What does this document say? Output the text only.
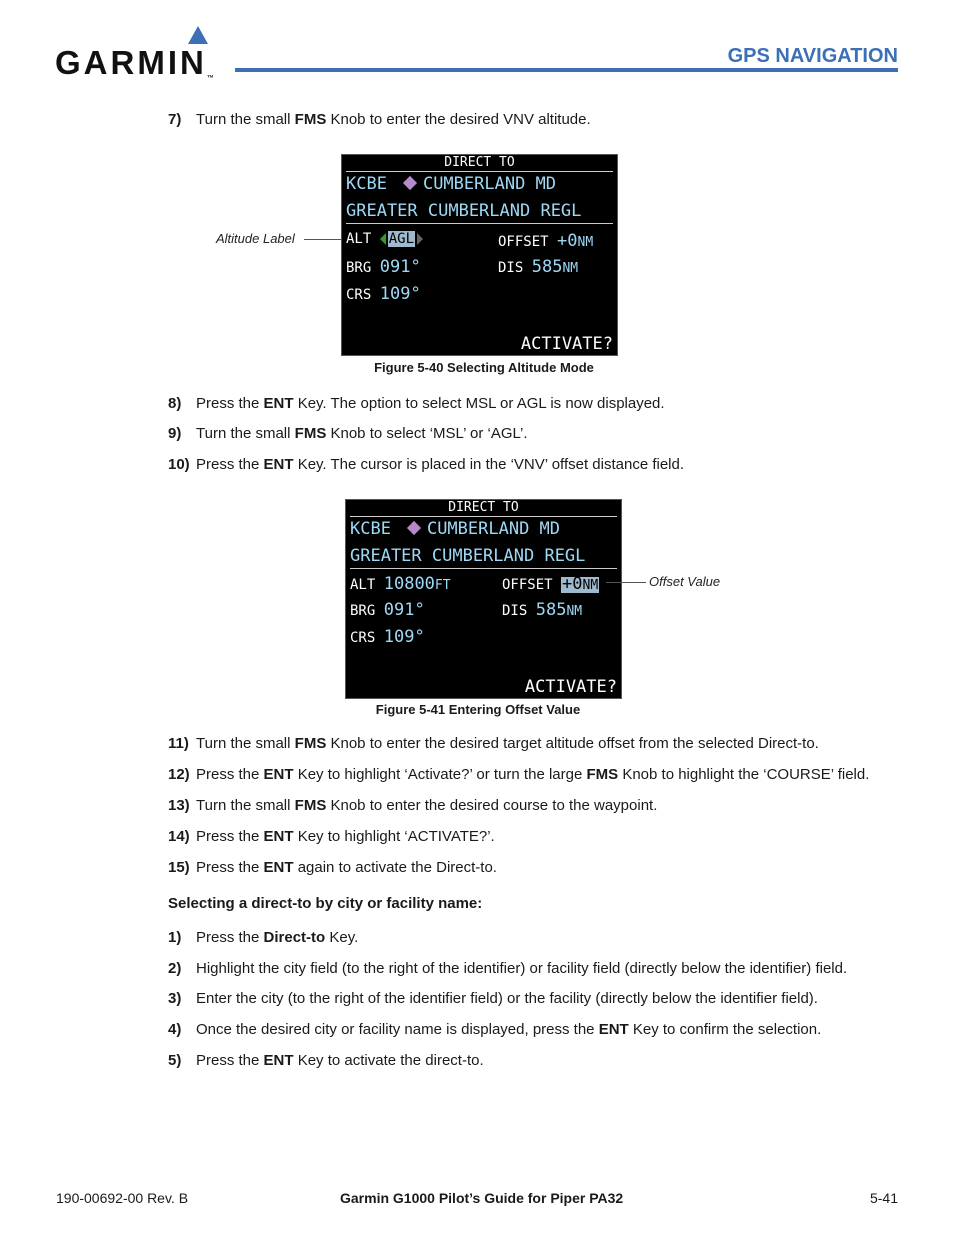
GARMIN™
GPS NAVIGATION
7) Turn the small FMS Knob to enter the desired VNV altitude.
Altitude Label
DIRECT TO
KCBE CUMBERLAND MD
GREATER CUMBERLAND REGL
ALT AGL	OFFSET +0NM
BRG 091°	DIS 585NM
CRS 109°
ACTIVATE?
Figure 5-40 Selecting Altitude Mode
8) Press the ENT Key. The option to select MSL or AGL is now displayed.
9) Turn the small FMS Knob to select ‘MSL’ or ‘AGL’.
10) Press the ENT Key. The cursor is placed in the ‘VNV’ offset distance field.
DIRECT TO
KCBE CUMBERLAND MD
GREATER CUMBERLAND REGL
ALT 10800FT	OFFSET +0NM
BRG 091°	DIS 585NM
CRS 109°
ACTIVATE?
Offset Value
Figure 5-41 Entering Offset Value
11) Turn the small FMS Knob to enter the desired target altitude offset from the selected Direct-to.
12) Press the ENT Key to highlight ‘Activate?’ or turn the large FMS Knob to highlight the ‘COURSE’ field.
13) Turn the small FMS Knob to enter the desired course to the waypoint.
14) Press the ENT Key to highlight ‘ACTIVATE?’.
15) Press the ENT again to activate the Direct-to.
Selecting a direct-to by city or facility name:
1) Press the Direct-to Key.
2) Highlight the city field (to the right of the identifier) or facility field (directly below the identifier) field.
3) Enter the city (to the right of the identifier field) or the facility (directly below the identifier field).
4) Once the desired city or facility name is displayed, press the ENT Key to confirm the selection.
5) Press the ENT Key to activate the direct-to.
190-00692-00 Rev. B	Garmin G1000 Pilot’s Guide for Piper PA32	5-41
